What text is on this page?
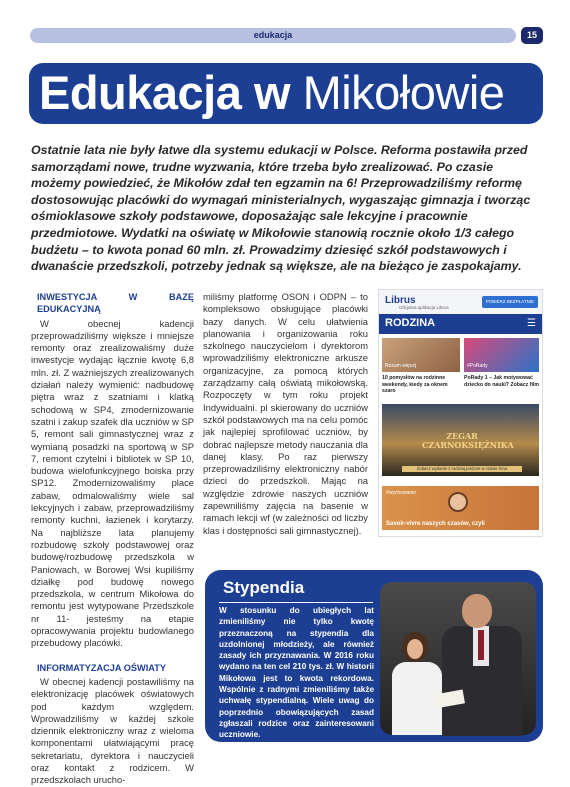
edukacja	15
Edukacja w Mikołowie
Ostatnie lata nie były łatwe dla systemu edukacji w Polsce. Reforma postawiła przed samorządami nowe, trudne wyzwania, które trzeba było zrealizować. Po czasie możemy powiedzieć, że Mikołów zdał ten egzamin na 6! Przeprowadziliśmy reformę dostosowując placówki do wymagań ministerialnych, wygaszając gimnazja i tworząc ośmioklasowe szkoły podstawowe, doposażając sale lekcyjne i pracownie przedmiotowe. Wydatki na oświatę w Mikołowie stanowią rocznie około 1/3 całego budżetu – to kwota ponad 60 mln. zł. Prowadzimy dziesięć szkół podstawowych i dwanaście przedszkoli, potrzeby jednak są większe, ale na bieżąco je zaspokajamy.
INWESTYCJA W BAZĘ EDUKACYJNĄ

W obecnej kadencji przeprowadziliśmy większe i mniejsze remonty oraz zrealizowaliśmy duże inwestycje wydając łącznie kwotę 6,8 mln. zł. Z ważniejszych zrealizowanych działań należy wymienić: nadbudowę piętra wraz z szatniami i klatką schodową w SP4, zmodernizowanie szatni i zakup szafek dla uczniów w SP 5, remont sali gimnastycznej wraz z wymianą posadzki na sportową w SP 7, remont czytelni i bibliotek w SP 10, budowa wielofunkcyjnego boiska przy SP12. Zmodernizowaliśmy place zabaw, odmalowaliśmy wiele sal lekcyjnych i zabaw, przeprowadziliśmy remonty kuchni, łazienek i korytarzy. Na najbliższe lata planujemy rozbudowę szkoły podstawowej oraz budowę/rozbudowę przedszkola w Paniowach, w Borowej Wsi kupiliśmy działkę pod budowę nowego przedszkola, w centrum Mikołowa do remontu jest wytypowane Przedszkole nr 11- jesteśmy na etapie opracowywania projektu budowlanego przebudowy placówki.

INFORMATYZACJA OŚWIATY

W obecnej kadencji postawiliśmy na elektronizację placówek oświatowych pod każdym względem. Wprowadziliśmy w każdej szkole dziennik elektroniczny wraz z wieloma komponentami ułatwiającymi pracę sekretariatu, dyrektora i nauczycieli oraz kontakt z rodzicem. W przedszkolach urucho-

miliśmy platformę OSON i ODPN – to kompleksowo obsługujące placówki bazy danych. W celu ułatwienia planowania i organizowania roku szkolnego nauczycielom i dyrektorom wprowadziliśmy elektroniczne arkusze organizacyjne, za pomocą których zarządzamy całą oświatą mikołowską. Rozpoczęty w tym roku projekt Indywidualni. pl skierowany do uczniów szkół podstawowych ma na celu pomóc jak najlepiej sprofilować uczniów, by dobrać najlepsze metody nauczania dla danej klasy. Po raz pierwszy przeprowadziliśmy elektroniczny nabór dzieci do przedszkoli. Mając na względzie zdrowie naszych uczniów zapewniliśmy zajęcia na basenie w ramach lekcji wf (w zależności od liczby klas i dostępności sali gimnastycznej).

Librus
Oficjalna aplikacja Librus
POBIERZ BEZPŁATNIE
RODZINA	☰
Rozum więcej	#PoRady
10 pomysłów na rodzinne weekendy, kiedy za oknem szaro
PoRady 1 – Jak motywować dziecko do nauki? Zobacz film
ZEGAR CZARNOKSIĘŻNIKA
Zobacz wydanie z rodziną jeszcze w czasie Kina
#wychowanie
Savoir-vivre naszych czasów, czyli
Stypendia
W stosunku do ubiegłych lat zmieniliśmy nie tylko kwotę przeznaczoną na stypendia dla uzdolnionej młodzieży, ale również zasady ich przyznawania. W 2016 roku wydano na ten cel 210 tys. zł. W historii Mikołowa jest to kwota rekordowa. Wspólnie z radnymi zmieniliśmy także uchwałę stypendialną. Wiele uwag do poprzednio obowiązujących zasad zgłaszali rodzice oraz zainteresowani uczniowie.
